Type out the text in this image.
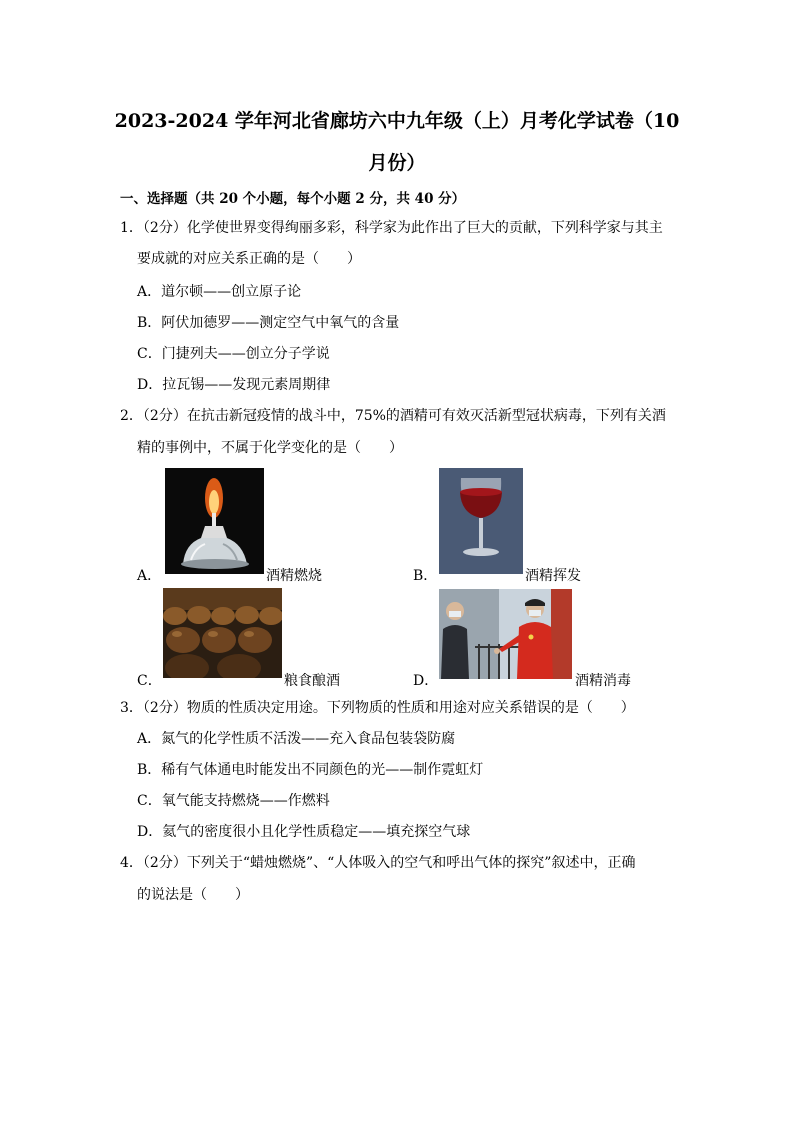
2023-2024 学年河北省廊坊六中九年级（上）月考化学试卷（10
月份）
一、选择题（共 20 个小题，每个小题 2 分，共 40 分）
1．（2分）化学使世界变得绚丽多彩，科学家为此作出了巨大的贡献，下列科学家与其主
要成就的对应关系正确的是（　　）
A．道尔顿——创立原子论
B．阿伏加德罗——测定空气中氧气的含量
C．门捷列夫——创立分子学说
D．拉瓦锡——发现元素周期律
2．（2分）在抗击新冠疫情的战斗中，75%的酒精可有效灭活新型冠状病毒，下列有关酒
精的事例中，不属于化学变化的是（　　）
A．	酒精燃烧	B．	酒精挥发
C．	粮食酿酒	D．	酒精消毒
3．（2分）物质的性质决定用途。下列物质的性质和用途对应关系错误的是（　　）
A．氮气的化学性质不活泼——充入食品包装袋防腐
B．稀有气体通电时能发出不同颜色的光——制作霓虹灯
C．氧气能支持燃烧——作燃料
D．氦气的密度很小且化学性质稳定——填充探空气球
4．（2分）下列关于“蜡烛燃烧”、“人体吸入的空气和呼出气体的探究”叙述中，正确
的说法是（　　）
